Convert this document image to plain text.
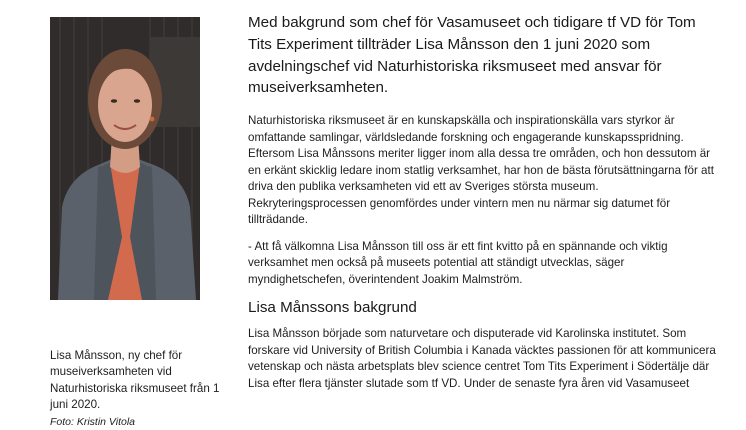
Lisa Månsson, ny chef för museiverksamheten vid Naturhistoriska riksmuseet från 1 juni 2020.
Foto: Kristin Vitola

Med bakgrund som chef för Vasamuseet och tidigare tf VD för Tom Tits Experiment tillträder Lisa Månsson den 1 juni 2020 som avdelningschef vid Naturhistoriska riksmuseet med ansvar för museiverksamheten.

Naturhistoriska riksmuseet är en kunskapskälla och inspirationskälla vars styrkor är omfattande samlingar, världsledande forskning och engagerande kunskapsspridning. Eftersom Lisa Månssons meriter ligger inom alla dessa tre områden, och hon dessutom är en erkänt skicklig ledare inom statlig verksamhet, har hon de bästa förutsättningarna för att driva den publika verksamheten vid ett av Sveriges största museum. Rekryteringsprocessen genomfördes under vintern men nu närmar sig datumet för tillträdande.

- Att få välkomna Lisa Månsson till oss är ett fint kvitto på en spännande och viktig verksamhet men också på museets potential att ständigt utvecklas, säger myndighetschefen, överintendent Joakim Malmström.

Lisa Månssons bakgrund

Lisa Månsson började som naturvetare och disputerade vid Karolinska institutet. Som forskare vid University of British Columbia i Kanada väcktes passionen för att kommunicera vetenskap och nästa arbetsplats blev science centret Tom Tits Experiment i Södertälje där Lisa efter flera tjänster slutade som tf VD. Under de senaste fyra åren vid Vasamuseet
